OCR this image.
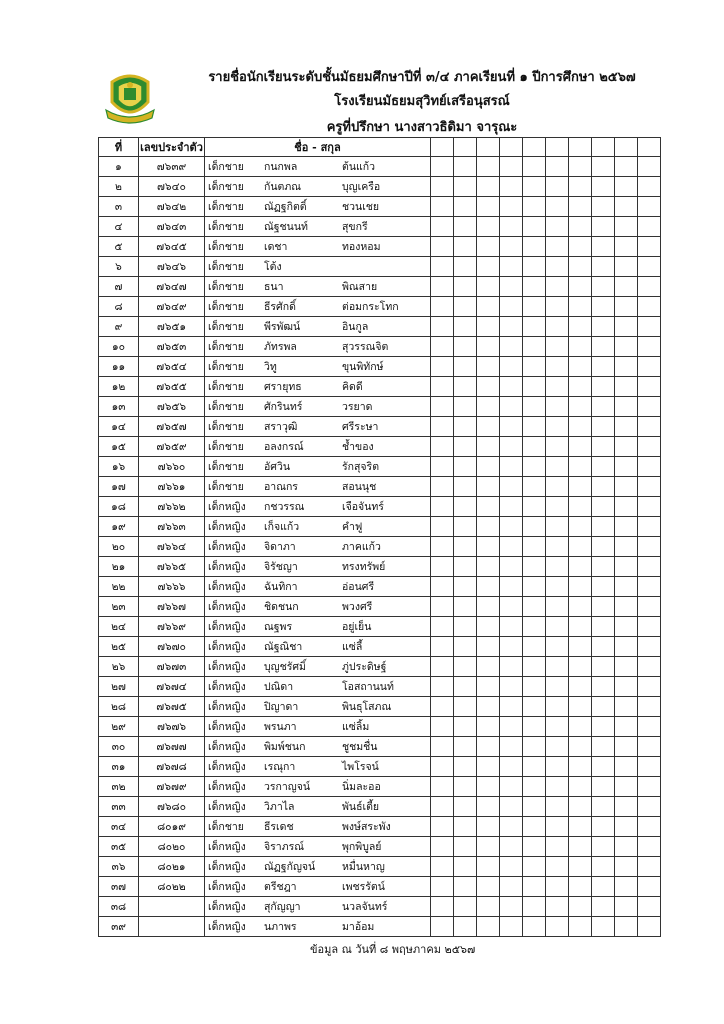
รายชื่อนักเรียนระดับชั้นมัธยมศึกษาปีที่ ๓/๔ ภาคเรียนที่ ๑ ปีการศึกษา ๒๕๖๗
โรงเรียนมัธยมสุวิทย์เสรีอนุสรณ์
ครูที่ปรึกษา นางสาวธิดิมา จารุณะ
ที่	เลขประจำตัว	ชื่อ - สกุล										
๑	๗๖๓๙	เด็กชาย กนกพล ต้นแก้ว										

๒	๗๖๔๐	เด็กชาย กันตภณ บุญเครือ										

๓	๗๖๔๒	เด็กชาย ณัฏฐกิตติ์ ชวนเชย										

๔	๗๖๔๓	เด็กชาย ณัฐชนนท์ สุขกรี										

๕	๗๖๔๕	เด็กชาย เดชา ทองหอม										

๖	๗๖๔๖	เด็กชาย โต้ง										

๗	๗๖๔๗	เด็กชาย ธนา พิณสาย										

๘	๗๖๔๙	เด็กชาย ธีรศักดิ์ ต่อมกระโทก										

๙	๗๖๕๑	เด็กชาย พีรพัฒน์ อินกูล										

๑๐	๗๖๕๓	เด็กชาย ภัทรพล สุวรรณจิต										

๑๑	๗๖๕๔	เด็กชาย วิทู ขุนพิทักษ์										

๑๒	๗๖๕๕	เด็กชาย ศรายุทธ คิดดี										

๑๓	๗๖๕๖	เด็กชาย ศักรินทร์ วรยาด										

๑๔	๗๖๕๗	เด็กชาย สราวุฒิ ศรีระษา										

๑๕	๗๖๕๙	เด็กชาย อลงกรณ์ ช้ำของ										

๑๖	๗๖๖๐	เด็กชาย อัศวิน รักสุจริต										

๑๗	๗๖๖๑	เด็กชาย อาณกร สอนนุช										

๑๘	๗๖๖๒	เด็กหญิง กชวรรณ เจือจันทร์										

๑๙	๗๖๖๓	เด็กหญิง เก็จแก้ว คำฟู										

๒๐	๗๖๖๔	เด็กหญิง จิดาภา ภาคแก้ว										

๒๑	๗๖๖๕	เด็กหญิง จิรัชญา ทรงทรัพย์										

๒๒	๗๖๖๖	เด็กหญิง ฉันทิกา อ่อนศรี										

๒๓	๗๖๖๗	เด็กหญิง ชิดชนก พวงศรี										

๒๔	๗๖๖๙	เด็กหญิง ณฐพร อยู่เย็น										

๒๕	๗๖๗๐	เด็กหญิง ณัฐณิชา แซ่ลี้										

๒๖	๗๖๗๓	เด็กหญิง บุญชรัศมิ์ ภู่ประดิษฐ์										

๒๗	๗๖๗๔	เด็กหญิง ปณิดา โอสถานนท์										

๒๘	๗๖๗๕	เด็กหญิง ปิญาดา พินธุโสภณ										

๒๙	๗๖๗๖	เด็กหญิง พรนภา แซ่ลิ้ม										

๓๐	๗๖๗๗	เด็กหญิง พิมพ์ชนก ชูชมชื่น										

๓๑	๗๖๗๘	เด็กหญิง เรณุกา ไพโรจน์										

๓๒	๗๖๗๙	เด็กหญิง วรกาญจน์ นิ่มละออ										

๓๓	๗๖๘๐	เด็กหญิง วิภาไล พันธ์เตี้ย										

๓๔	๘๐๑๙	เด็กชาย ธีรเดช พงษ์สระพัง										

๓๕	๘๐๒๐	เด็กหญิง จิราภรณ์ พุกพิบูลย์										

๓๖	๘๐๒๑	เด็กหญิง ณัฏฐกัญจน์ หมื่นหาญ										

๓๗	๘๐๒๒	เด็กหญิง ตรีชฎา เพชรรัตน์										

๓๘		เด็กหญิง สุกัญญา นวลจันทร์										

๓๙		เด็กหญิง นภาพร มาอ้อม										

ข้อมูล ณ วันที่ ๘ พฤษภาคม ๒๕๖๗
